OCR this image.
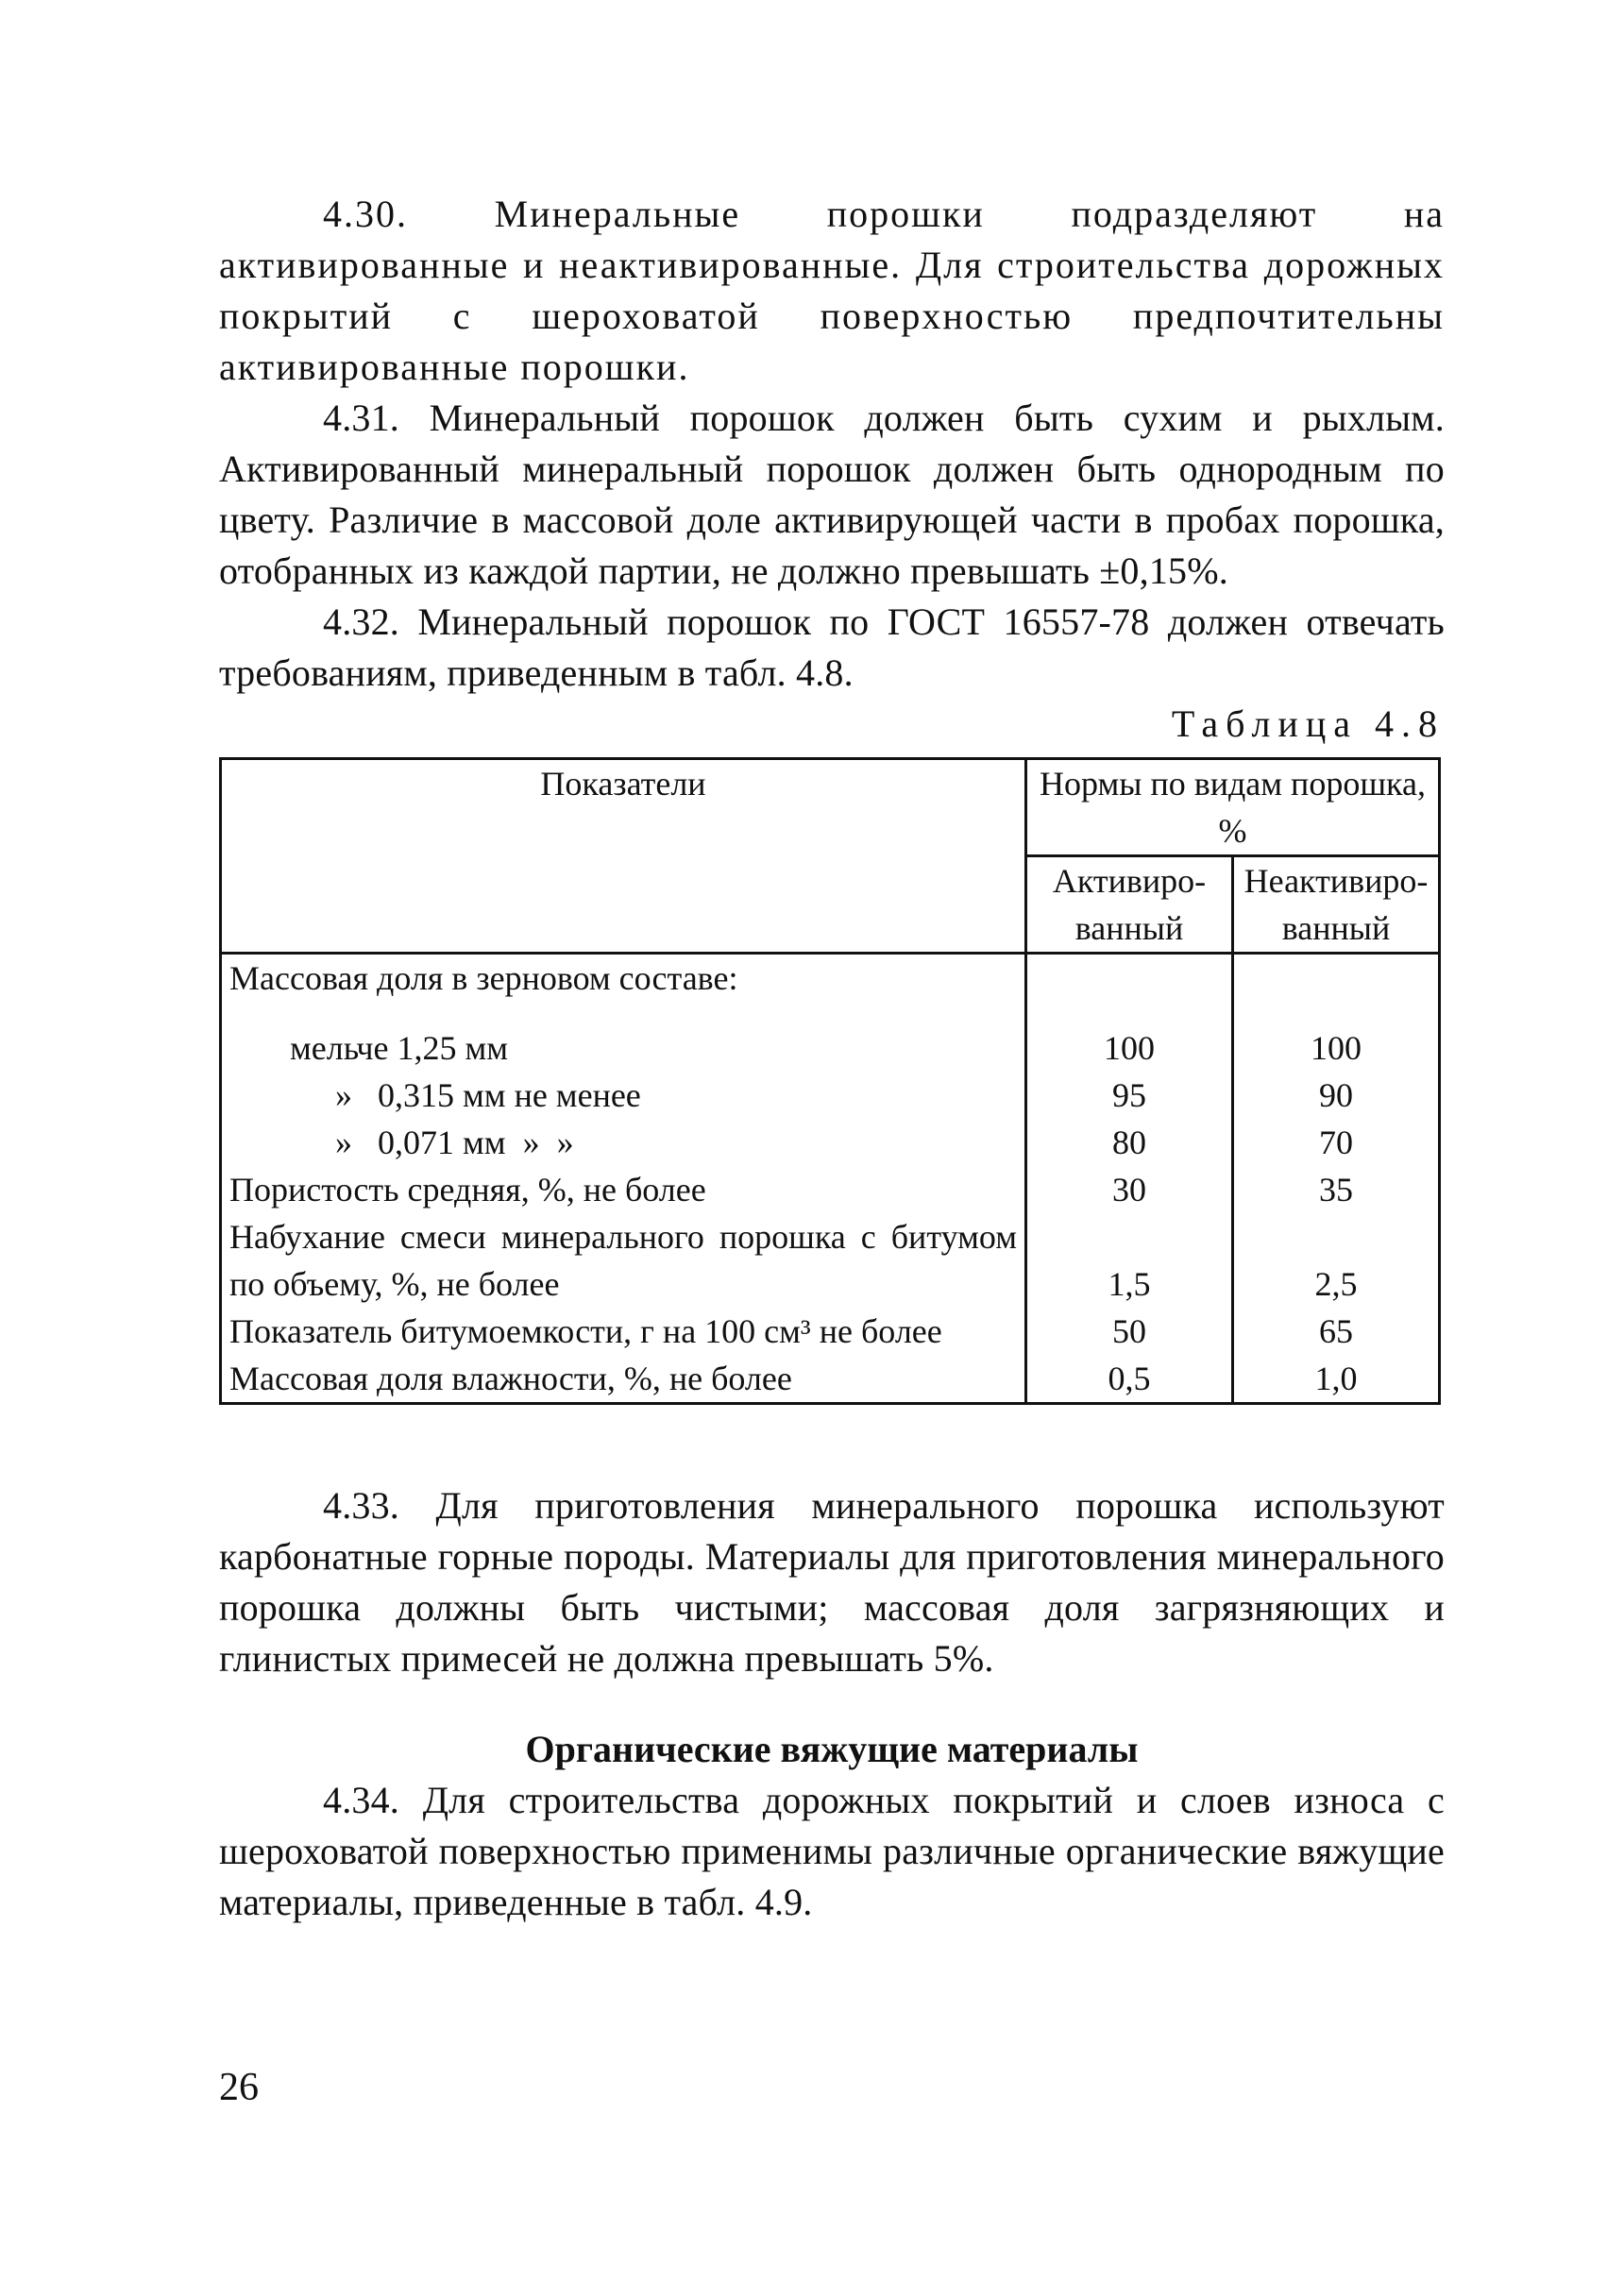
4.30. Минеральные порошки подразделяют на активированные и неактивированные. Для строительства дорожных покрытий с шероховатой поверхностью предпочтительны активированные порошки.

4.31. Минеральный порошок должен быть сухим и рыхлым. Активированный минеральный порошок должен быть однородным по цвету. Различие в массовой доле активирующей части в пробах порошка, отобранных из каждой партии, не должно превышать ±0,15%.

4.32. Минеральный порошок по ГОСТ 16557-78 должен отвечать требованиям, приведенным в табл. 4.8.

Таблица 4.8

Показатели	Нормы по видам порошка, %	
	Активиро-ванный	Неактивиро-ванный
Массовая доля в зерновом составе:		
мельче 1,25 мм	100	100
»   0,315 мм не менее	95	90
»   0,071 мм  »  »	80	70
Пористость средняя, %, не более	30	35
Набухание смеси минерального порошка с битумом по объему, %, не более	1,5	2,5
Показатель битумоемкости, г на 100 см³ не более	50	65
Массовая доля влажности, %, не более	0,5	1,0

4.33. Для приготовления минерального порошка используют карбонатные горные породы. Материалы для приготовления минерального порошка должны быть чистыми; массовая доля загрязняющих и глинистых примесей не должна превышать 5%.

Органические вяжущие материалы

4.34. Для строительства дорожных покрытий и слоев износа с шероховатой поверхностью применимы различные органические вяжущие материалы, приведенные в табл. 4.9.

26
